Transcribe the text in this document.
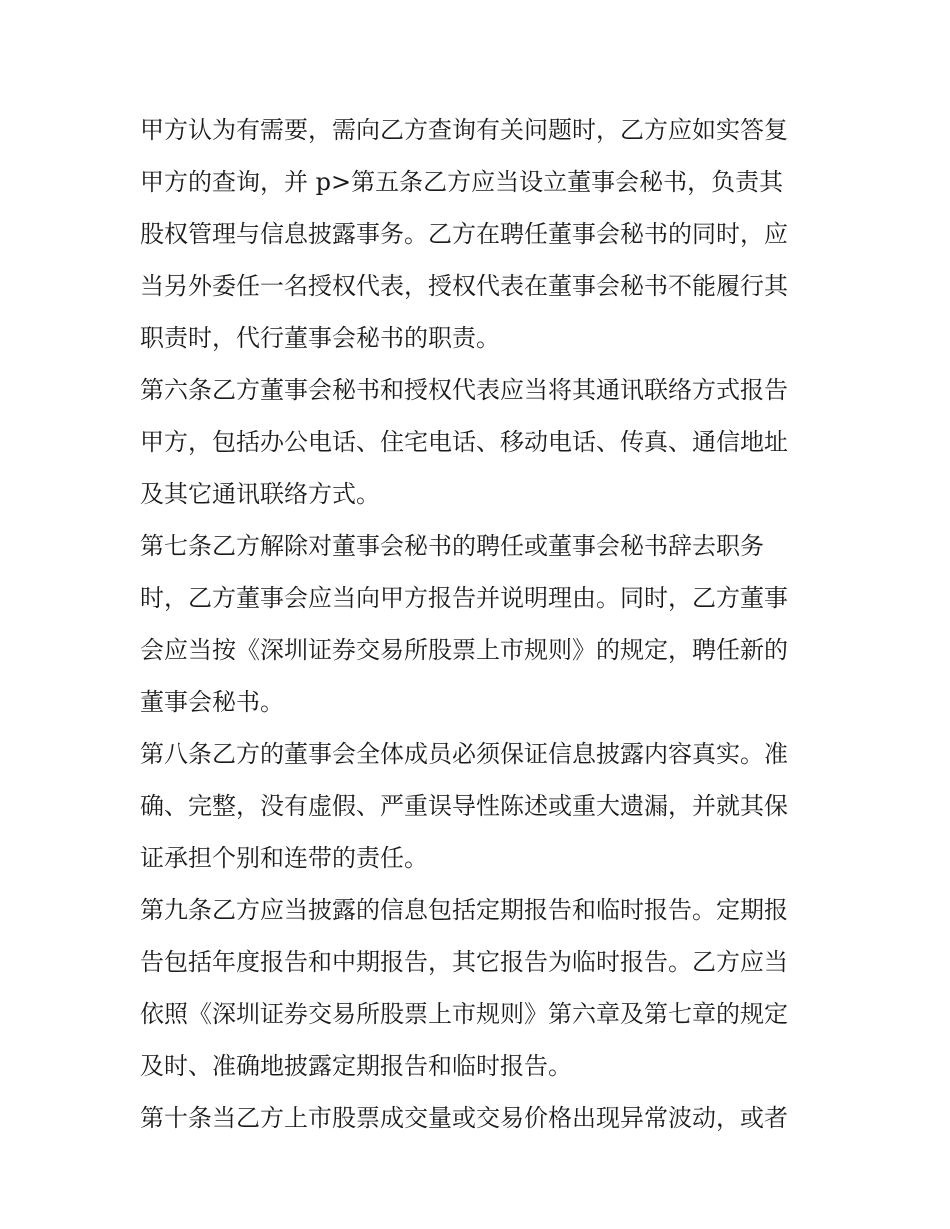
甲方认为有需要，需向乙方查询有关问题时，乙方应如实答复
甲方的查询，并 p>第五条乙方应当设立董事会秘书，负责其
股权管理与信息披露事务。乙方在聘任董事会秘书的同时，应
当另外委任一名授权代表，授权代表在董事会秘书不能履行其
职责时，代行董事会秘书的职责。
第六条乙方董事会秘书和授权代表应当将其通讯联络方式报告
甲方，包括办公电话、住宅电话、移动电话、传真、通信地址
及其它通讯联络方式。
第七条乙方解除对董事会秘书的聘任或董事会秘书辞去职务
时，乙方董事会应当向甲方报告并说明理由。同时，乙方董事
会应当按《深圳证券交易所股票上市规则》的规定，聘任新的
董事会秘书。
第八条乙方的董事会全体成员必须保证信息披露内容真实。准
确、完整，没有虚假、严重误导性陈述或重大遗漏，并就其保
证承担个别和连带的责任。
第九条乙方应当披露的信息包括定期报告和临时报告。定期报
告包括年度报告和中期报告，其它报告为临时报告。乙方应当
依照《深圳证券交易所股票上市规则》第六章及第七章的规定
及时、准确地披露定期报告和临时报告。
第十条当乙方上市股票成交量或交易价格出现异常波动，或者
